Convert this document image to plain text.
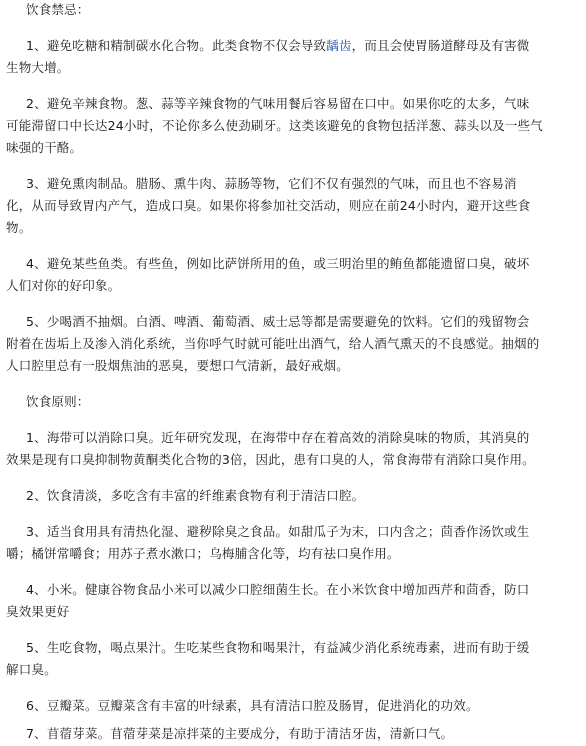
饮食禁忌：
1、避免吃糖和精制碳水化合物。此类食物不仅会导致龋齿，而且会使胃肠道酵母及有害微
生物大增。
2、避免辛辣食物。葱、蒜等辛辣食物的气味用餐后容易留在口中。如果你吃的太多，气味
可能滞留口中长达24小时，不论你多么使劲刷牙。这类该避免的食物包括洋葱、蒜头以及一些气
味强的干酪。
3、避免熏肉制品。腊肠、熏牛肉、蒜肠等物，它们不仅有强烈的气味，而且也不容易消
化，从而导致胃内产气，造成口臭。如果你将参加社交活动，则应在前24小时内，避开这些食
物。
4、避免某些鱼类。有些鱼，例如比萨饼所用的鱼，或三明治里的鲔鱼都能遗留口臭，破坏
人们对你的好印象。
5、少喝酒不抽烟。白酒、啤酒、葡萄酒、威士忌等都是需要避免的饮料。它们的残留物会
附着在齿垢上及渗入消化系统，当你呼气时就可能吐出酒气，给人酒气熏天的不良感觉。抽烟的
人口腔里总有一股烟焦油的恶臭，要想口气清新，最好戒烟。
饮食原则：
1、海带可以消除口臭。近年研究发现，在海带中存在着高效的消除臭味的物质，其消臭的
效果是现有口臭抑制物黄酮类化合物的3倍，因此，患有口臭的人，常食海带有消除口臭作用。
2、饮食清淡，多吃含有丰富的纤维素食物有利于清洁口腔。
3、适当食用具有清热化湿、避秽除臭之食品。如甜瓜子为末，口内含之；茴香作汤饮或生
嚼；橘饼常嚼食；用苏子煮水漱口；乌梅脯含化等，均有祛口臭作用。
4、小米。健康谷物食品小米可以减少口腔细菌生长。在小米饮食中增加西芹和茴香，防口
臭效果更好
5、生吃食物，喝点果汁。生吃某些食物和喝果汁，有益减少消化系统毒素，进而有助于缓
解口臭。
6、豆瓣菜。豆瓣菜含有丰富的叶绿素，具有清洁口腔及肠胃，促进消化的功效。
7、苜蓿芽菜。苜蓿芽菜是凉拌菜的主要成分，有助于清洁牙齿，清新口气。
